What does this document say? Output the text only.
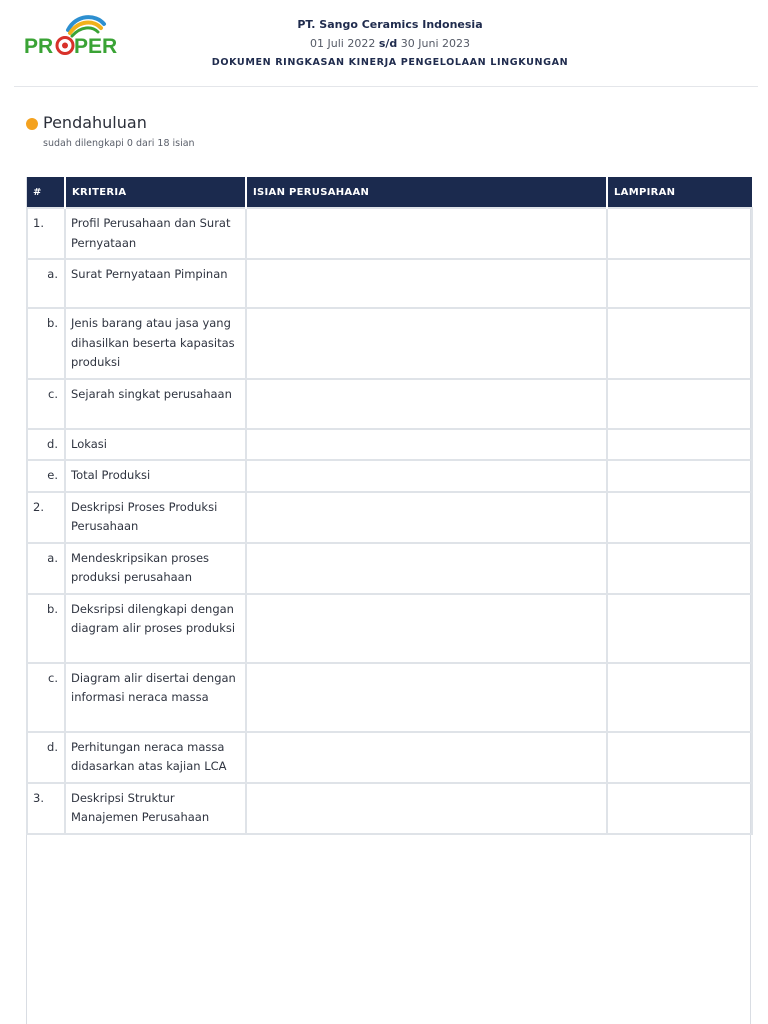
PR PER
PT. Sango Ceramics Indonesia
01 Juli 2022 s/d 30 Juni 2023
DOKUMEN RINGKASAN KINERJA PENGELOLAAN LINGKUNGAN
Pendahuluan
sudah dilengkapi 0 dari 18 isian
#	KRITERIA	ISIAN PERUSAHAAN	LAMPIRAN
1.	Profil Perusahaan dan Surat Pernyataan		
a.	Surat Pernyataan Pimpinan		
b.	Jenis barang atau jasa yang dihasilkan beserta kapasitas produksi		
c.	Sejarah singkat perusahaan		
d.	Lokasi		
e.	Total Produksi		
2.	Deskripsi Proses Produksi Perusahaan		
a.	Mendeskripsikan proses produksi perusahaan		
b.	Deksripsi dilengkapi dengan diagram alir proses produksi		
c.	Diagram alir disertai dengan informasi neraca massa		
d.	Perhitungan neraca massa didasarkan atas kajian LCA		
3.	Deskripsi Struktur Manajemen Perusahaan		
